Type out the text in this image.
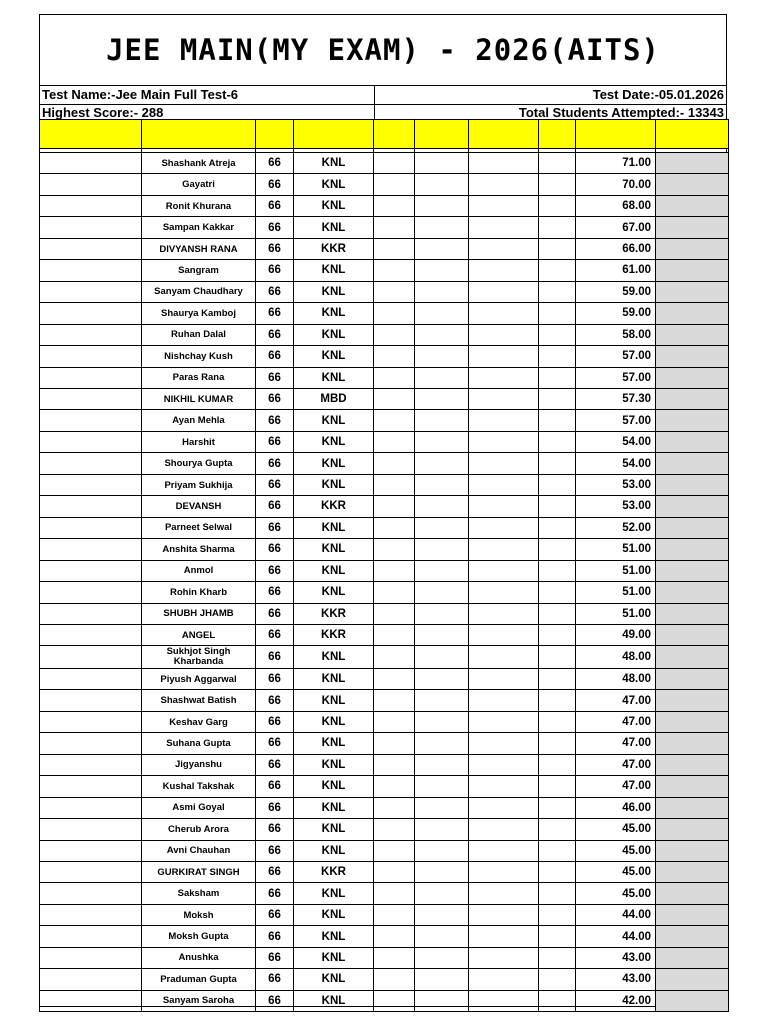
JEE MAIN(MY EXAM) - 2026(AITS)
Test Name:-Jee Main Full Test-6	Test Date:-05.01.2026
Highest Score:- 288	Total Students Attempted:- 13343

	Shashank Atreja	66	KNL					71.00	
	Gayatri	66	KNL					70.00	
	Ronit Khurana	66	KNL					68.00	
	Sampan Kakkar	66	KNL					67.00	
	DIVYANSH RANA	66	KKR					66.00	
	Sangram	66	KNL					61.00	
	Sanyam Chaudhary	66	KNL					59.00	
	Shaurya Kamboj	66	KNL					59.00	
	Ruhan Dalal	66	KNL					58.00	
	Nishchay Kush	66	KNL					57.00	
	Paras Rana	66	KNL					57.00	
	NIKHIL KUMAR	66	MBD					57.30	
	Ayan Mehla	66	KNL					57.00	
	Harshit	66	KNL					54.00	
	Shourya Gupta	66	KNL					54.00	
	Priyam Sukhija	66	KNL					53.00	
	DEVANSH	66	KKR					53.00	
	Parneet Selwal	66	KNL					52.00	
	Anshita Sharma	66	KNL					51.00	
	Anmol	66	KNL					51.00	
	Rohin Kharb	66	KNL					51.00	
	SHUBH JHAMB	66	KKR					51.00	
	ANGEL	66	KKR					49.00	
	Sukhjot Singh Kharbanda	66	KNL					48.00	
	Piyush Aggarwal	66	KNL					48.00	
	Shashwat Batish	66	KNL					47.00	
	Keshav Garg	66	KNL					47.00	
	Suhana Gupta	66	KNL					47.00	
	Jigyanshu	66	KNL					47.00	
	Kushal Takshak	66	KNL					47.00	
	Asmi Goyal	66	KNL					46.00	
	Cherub Arora	66	KNL					45.00	
	Avni Chauhan	66	KNL					45.00	
	GURKIRAT SINGH	66	KKR					45.00	
	Saksham	66	KNL					45.00	
	Moksh	66	KNL					44.00	
	Moksh Gupta	66	KNL					44.00	
	Anushka	66	KNL					43.00	
	Praduman Gupta	66	KNL					43.00	
	Sanyam Saroha	66	KNL					42.00	
